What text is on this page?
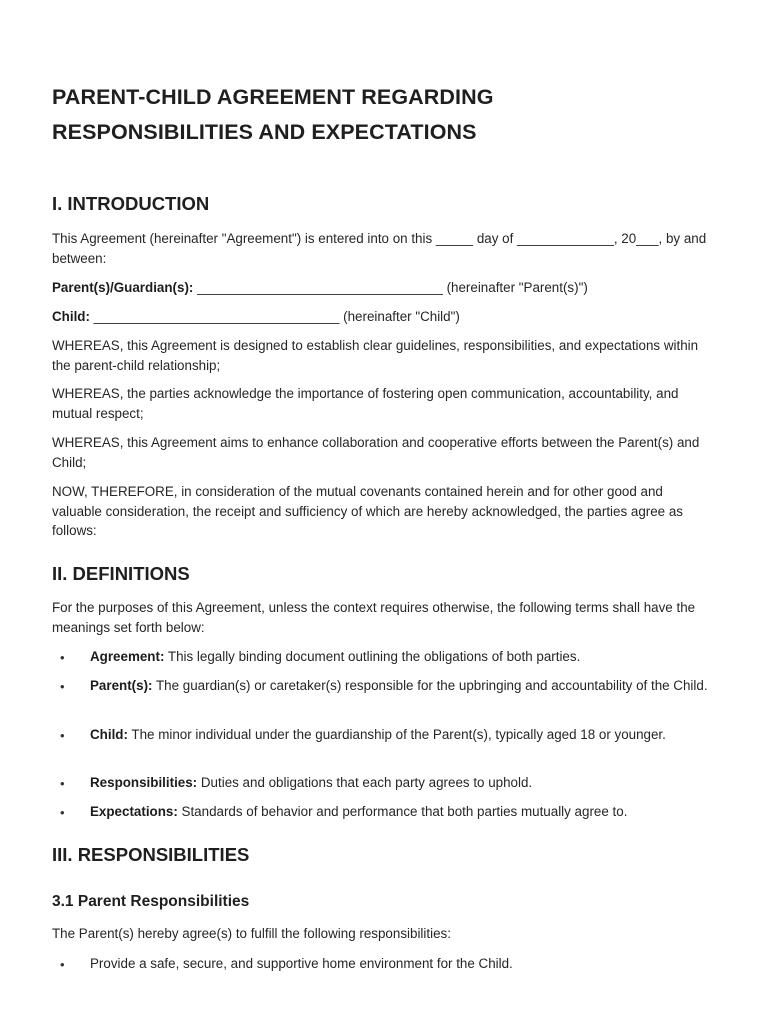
PARENT-CHILD AGREEMENT REGARDING RESPONSIBILITIES AND EXPECTATIONS
I. INTRODUCTION

This Agreement (hereinafter "Agreement") is entered into on this _____ day of _____________, 20___, by and between:

Parent(s)/Guardian(s): _________________________________ (hereinafter "Parent(s)")

Child: _________________________________ (hereinafter "Child")

WHEREAS, this Agreement is designed to establish clear guidelines, responsibilities, and expectations within the parent-child relationship;

WHEREAS, the parties acknowledge the importance of fostering open communication, accountability, and mutual respect;

WHEREAS, this Agreement aims to enhance collaboration and cooperative efforts between the Parent(s) and Child;

NOW, THEREFORE, in consideration of the mutual covenants contained herein and for other good and valuable consideration, the receipt and sufficiency of which are hereby acknowledged, the parties agree as follows:

II. DEFINITIONS

For the purposes of this Agreement, unless the context requires otherwise, the following terms shall have the meanings set forth below:

• Agreement: This legally binding document outlining the obligations of both parties.

• Parent(s): The guardian(s) or caretaker(s) responsible for the upbringing and accountability of the Child.

• Child: The minor individual under the guardianship of the Parent(s), typically aged 18 or younger.

• Responsibilities: Duties and obligations that each party agrees to uphold.

• Expectations: Standards of behavior and performance that both parties mutually agree to.

III. RESPONSIBILITIES
3.1 Parent Responsibilities

The Parent(s) hereby agree(s) to fulfill the following responsibilities:

• Provide a safe, secure, and supportive home environment for the Child.
